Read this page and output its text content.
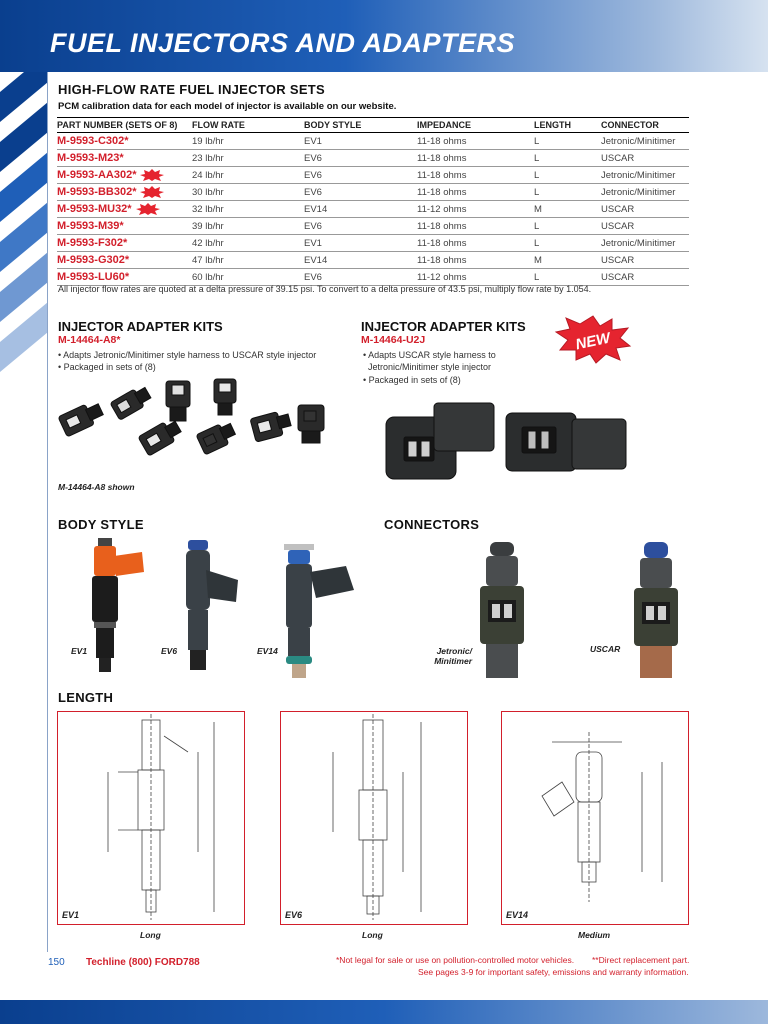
FUEL INJECTORS AND ADAPTERS
HIGH-FLOW RATE FUEL INJECTOR SETS
PCM calibration data for each model of injector is available on our website.
PART NUMBER (SETS OF 8)	FLOW RATE	BODY STYLE	IMPEDANCE	LENGTH	CONNECTOR
M-9593-C302*	19 lb/hr	EV1	11-18 ohms	L	Jetronic/Minitimer
M-9593-M23*	23 lb/hr	EV6	11-18 ohms	L	USCAR
M-9593-AA302*	24 lb/hr	EV6	11-18 ohms	L	Jetronic/Minitimer
M-9593-BB302*	30 lb/hr	EV6	11-18 ohms	L	Jetronic/Minitimer
M-9593-MU32*	32 lb/hr	EV14	11-12 ohms	M	USCAR
M-9593-M39*	39 lb/hr	EV6	11-18 ohms	L	USCAR
M-9593-F302*	42 lb/hr	EV1	11-18 ohms	L	Jetronic/Minitimer
M-9593-G302*	47 lb/hr	EV14	11-18 ohms	M	USCAR
M-9593-LU60*	60 lb/hr	EV6	11-12 ohms	L	USCAR
All injector flow rates are quoted at a delta pressure of 39.15 psi. To convert to a delta pressure of 43.5 psi, multiply flow rate by 1.054.
INJECTOR ADAPTER KITS
M-14464-A8*
• Adapts Jetronic/Minitimer style harness to USCAR style injector
• Packaged in sets of (8)
M-14464-A8 shown
INJECTOR ADAPTER KITS
M-14464-U2J
• Adapts USCAR style harness to
Jetronic/Minitimer style injector
• Packaged in sets of (8)
NEW
BODY STYLE
EV1	EV6	EV14
CONNECTORS
Jetronic/
Minitimer
USCAR
LENGTH
EV1	EV6	EV14
Long	Long	Medium
150 Techline (800) FORD788	*Not legal for sale or use on pollution-controlled motor vehicles. **Direct replacement part.
See pages 3-9 for important safety, emissions and warranty information.
